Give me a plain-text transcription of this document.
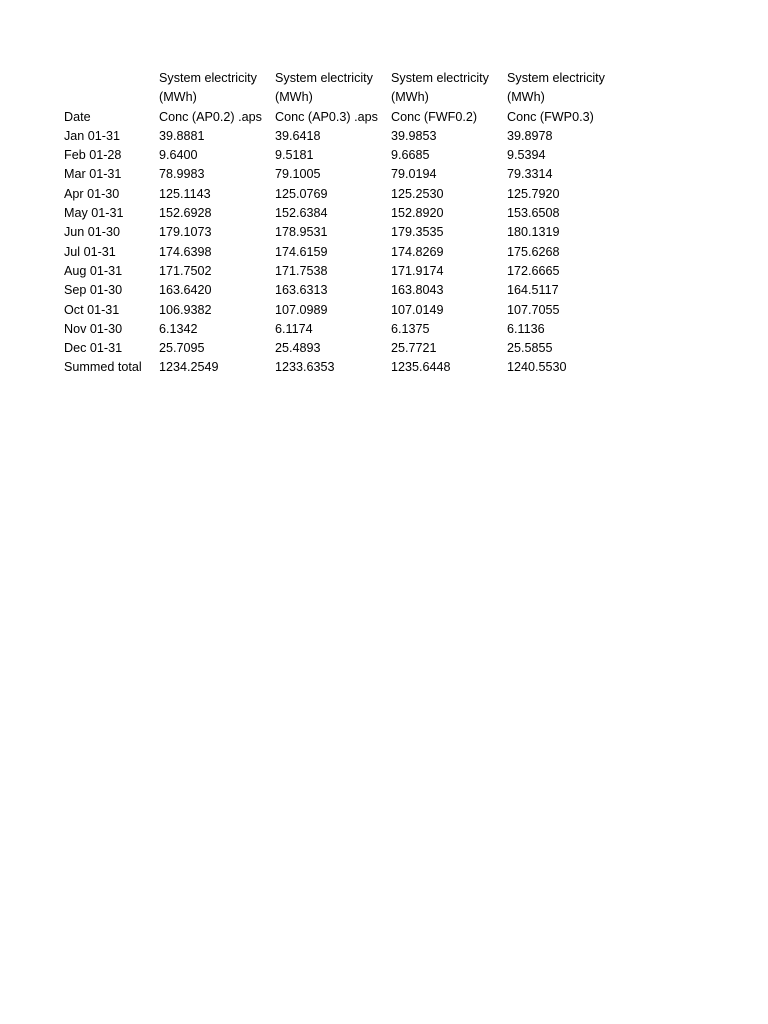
	System electricity	System electricity	System electricity	System electricity
	(MWh)	(MWh)	(MWh)	(MWh)
Date	Conc (AP0.2) .aps	Conc (AP0.3) .aps	Conc (FWF0.2)	Conc (FWP0.3)
Jan 01-31	39.8881	39.6418	39.9853	39.8978
Feb 01-28	9.6400	9.5181	9.6685	9.5394
Mar 01-31	78.9983	79.1005	79.0194	79.3314
Apr 01-30	125.1143	125.0769	125.2530	125.7920
May 01-31	152.6928	152.6384	152.8920	153.6508
Jun 01-30	179.1073	178.9531	179.3535	180.1319
Jul 01-31	174.6398	174.6159	174.8269	175.6268
Aug 01-31	171.7502	171.7538	171.9174	172.6665
Sep 01-30	163.6420	163.6313	163.8043	164.5117
Oct 01-31	106.9382	107.0989	107.0149	107.7055
Nov 01-30	6.1342	6.1174	6.1375	6.1136
Dec 01-31	25.7095	25.4893	25.7721	25.5855
Summed total	1234.2549	1233.6353	1235.6448	1240.5530
